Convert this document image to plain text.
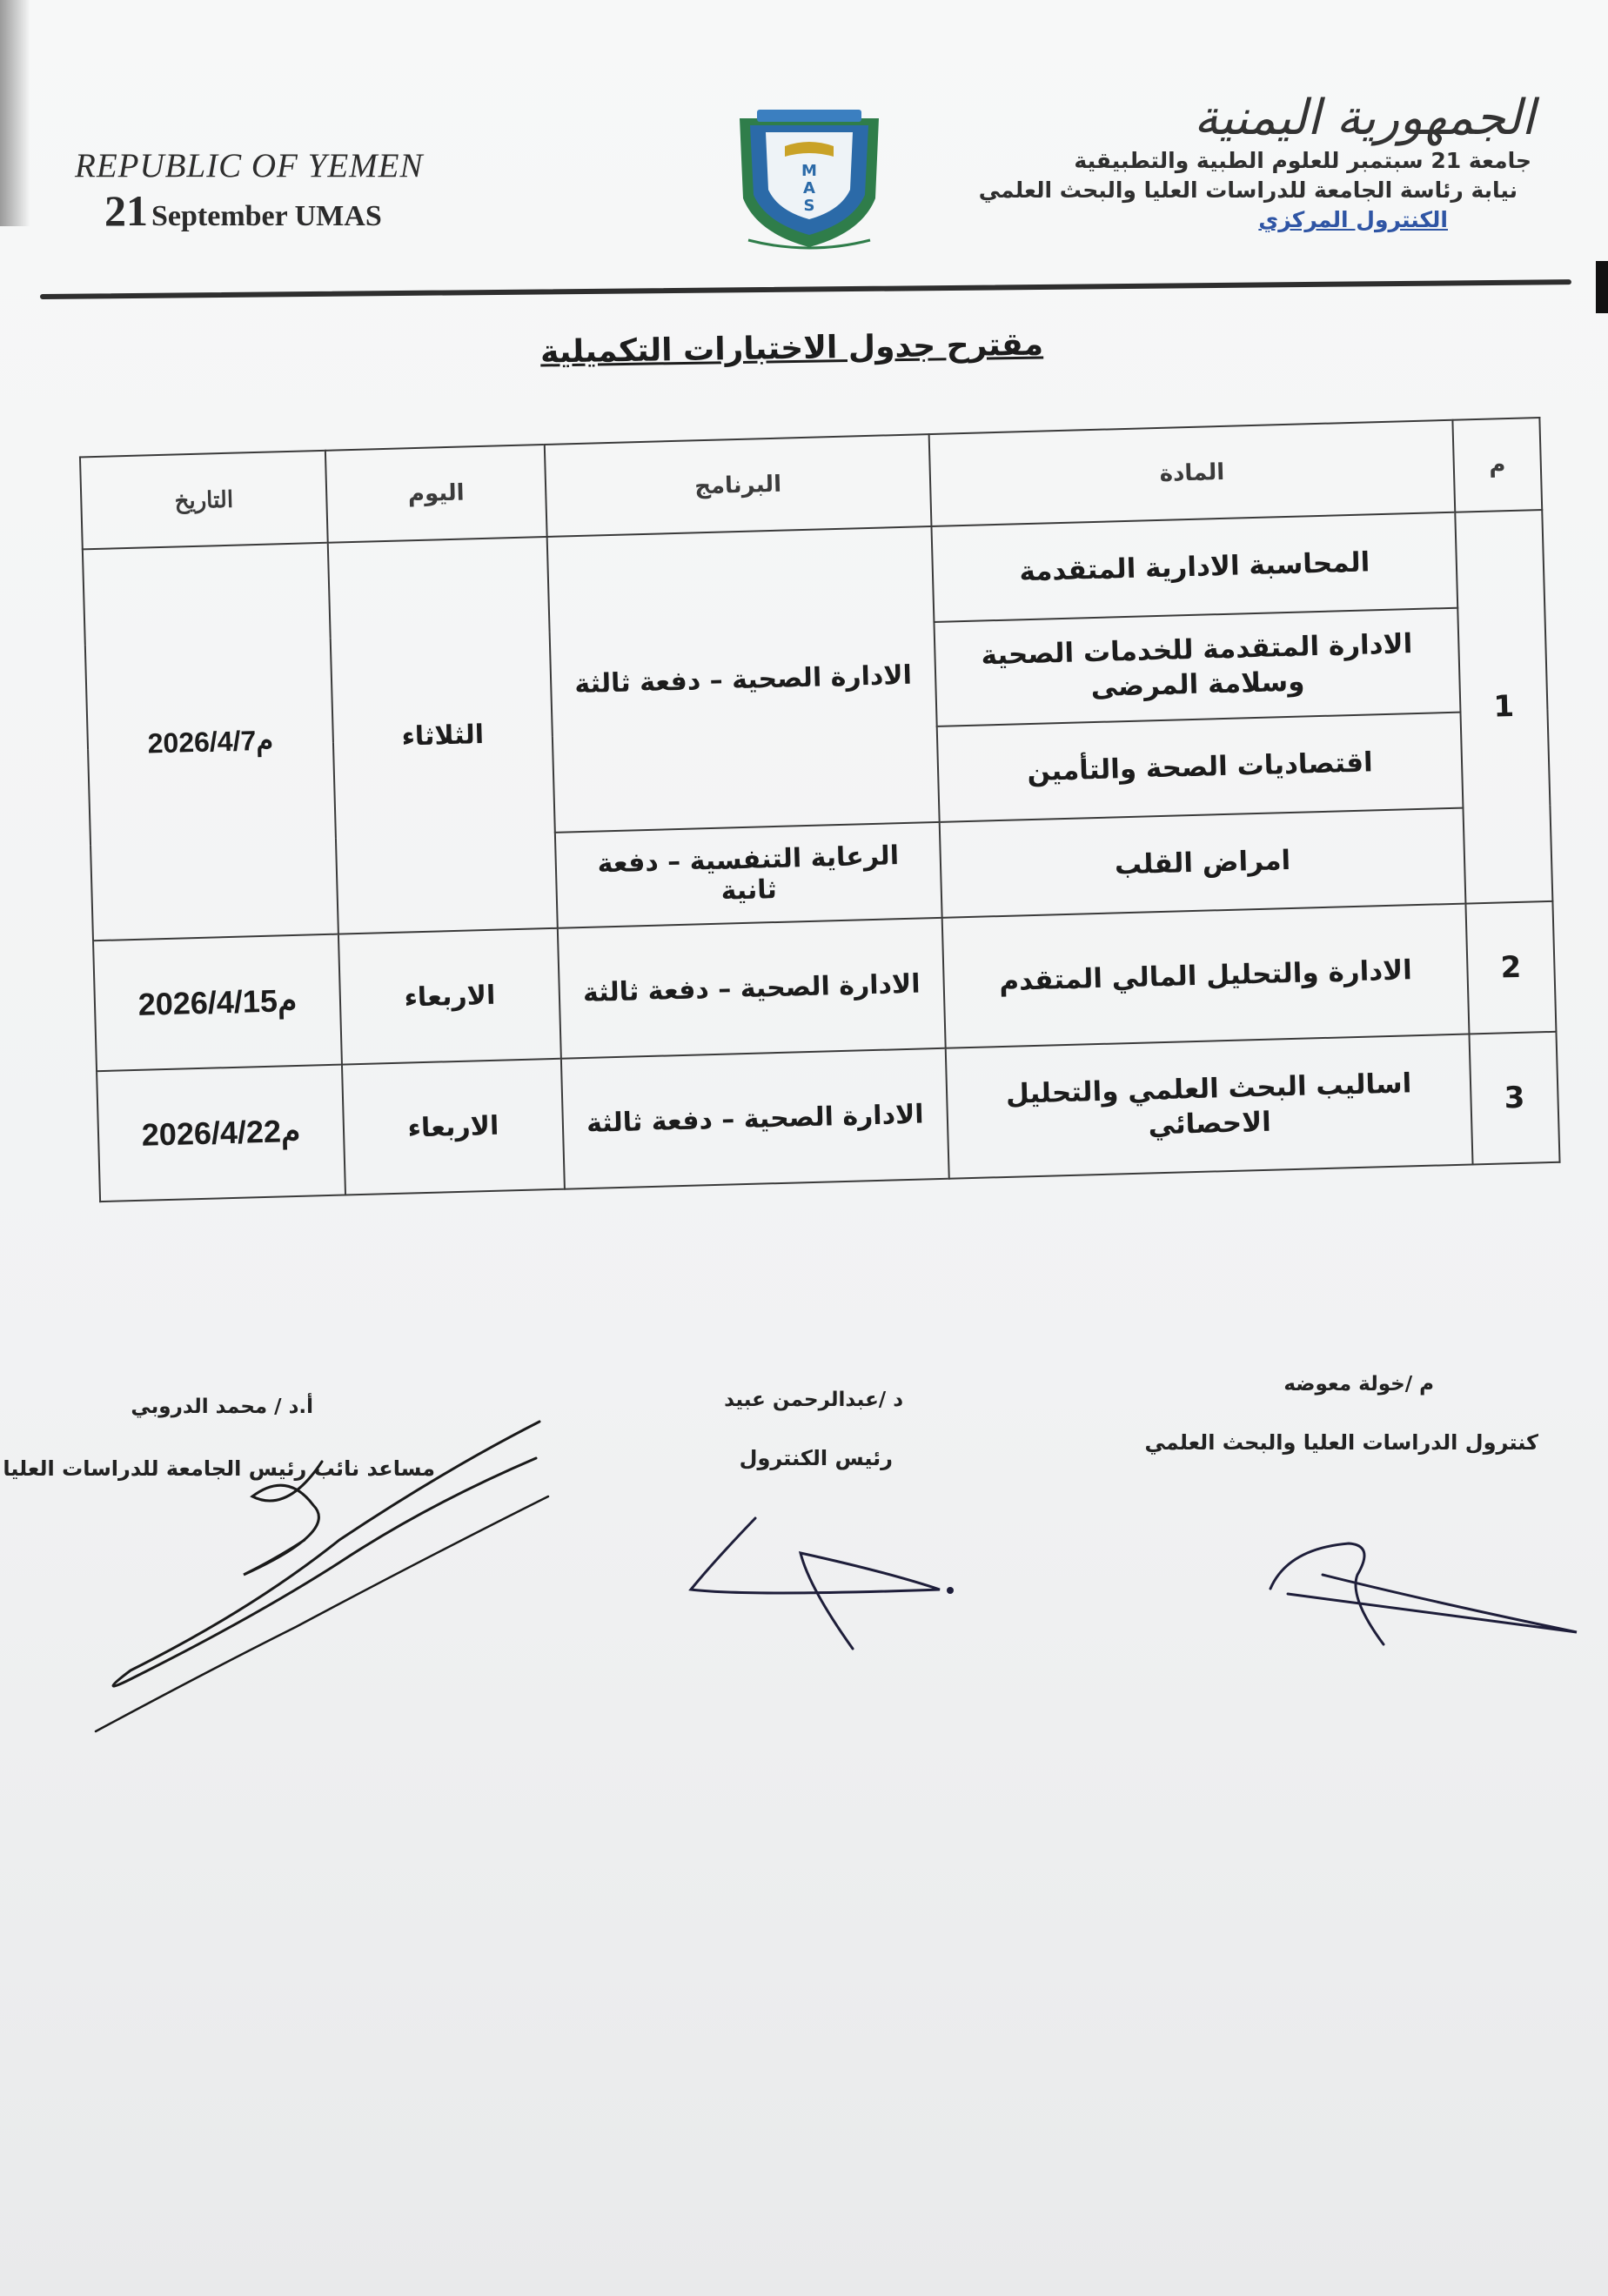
REPUBLIC OF YEMEN
21 September UMAS
M
A
S
الجمهورية اليمنية
جامعة 21 سبتمبر للعلوم الطبية والتطبيقية
نيابة رئاسة الجامعة للدراسات العليا والبحث العلمي
الكنترول المركزي
مقترح جدول الاختبارات التكميلية
م	المادة	البرنامج	اليوم	التاريخ
1	المحاسبة الادارية المتقدمة	الادارة الصحية – دفعة ثالثة	الثلاثاء	2026/4/7م
	الادارة المتقدمة للخدمات الصحية وسلامة المرضى			
	اقتصاديات الصحة والتأمين			
	امراض القلب	الرعاية التنفسية – دفعة ثانية		
2	الادارة والتحليل المالي المتقدم	الادارة الصحية – دفعة ثالثة	الاربعاء	2026/4/15م
3	اساليب البحث العلمي والتحليل الاحصائي	الادارة الصحية – دفعة ثالثة	الاربعاء	2026/4/22م
م /خولة معوضه
كنترول الدراسات العليا والبحث العلمي
د /عبدالرحمن عبيد
رئيس الكنترول
أ.د / محمد الدروبي
مساعد نائب رئيس الجامعة للدراسات العليا
